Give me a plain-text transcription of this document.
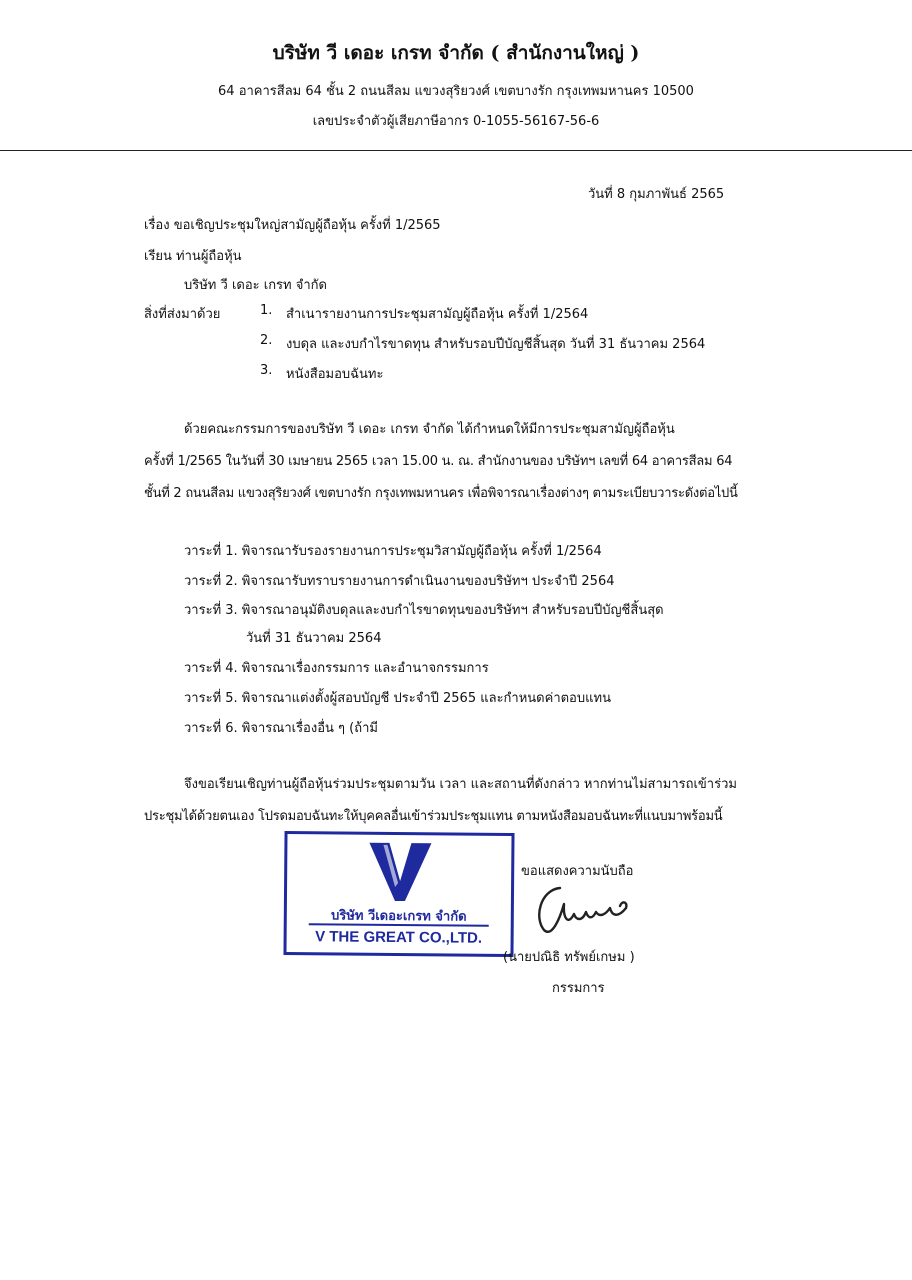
บริษัท วี เดอะ เกรท จำกัด ( สำนักงานใหญ่ )
64 อาคารสีลม 64 ชั้น 2 ถนนสีลม แขวงสุริยวงศ์ เขตบางรัก กรุงเทพมหานคร 10500
เลขประจำตัวผู้เสียภาษีอากร 0-1055-56167-56-6
วันที่ 8 กุมภาพันธ์ 2565
เรื่อง ขอเชิญประชุมใหญ่สามัญผู้ถือหุ้น ครั้งที่ 1/2565
เรียน ท่านผู้ถือหุ้น
บริษัท วี เดอะ เกรท จำกัด
สิ่งที่ส่งมาด้วย	1. สำเนารายงานการประชุมสามัญผู้ถือหุ้น ครั้งที่ 1/2564
2. งบดุล และงบกำไรขาดทุน สำหรับรอบปีบัญชีสิ้นสุด วันที่ 31 ธันวาคม 2564
3. หนังสือมอบฉันทะ
ด้วยคณะกรรมการของบริษัท วี เดอะ เกรท จำกัด ได้กำหนดให้มีการประชุมสามัญผู้ถือหุ้น
ครั้งที่ 1/2565 ในวันที่ 30 เมษายน 2565 เวลา 15.00 น. ณ. สำนักงานของ บริษัทฯ เลขที่ 64 อาคารสีลม 64
ชั้นที่ 2 ถนนสีลม แขวงสุริยวงศ์ เขตบางรัก กรุงเทพมหานคร เพื่อพิจารณาเรื่องต่างๆ ตามระเบียบวาระดังต่อไปนี้
วาระที่ 1. พิจารณารับรองรายงานการประชุมวิสามัญผู้ถือหุ้น ครั้งที่ 1/2564
วาระที่ 2. พิจารณารับทราบรายงานการดำเนินงานของบริษัทฯ ประจำปี 2564
วาระที่ 3. พิจารณาอนุมัติงบดุลและงบกำไรขาดทุนของบริษัทฯ สำหรับรอบปีบัญชีสิ้นสุด
วันที่ 31 ธันวาคม 2564
วาระที่ 4. พิจารณาเรื่องกรรมการ และอำนาจกรรมการ
วาระที่ 5. พิจารณาแต่งตั้งผู้สอบบัญชี ประจำปี 2565 และกำหนดค่าตอบแทน
วาระที่ 6. พิจารณาเรื่องอื่น ๆ (ถ้ามี
จึงขอเรียนเชิญท่านผู้ถือหุ้นร่วมประชุมตามวัน เวลา และสถานที่ดังกล่าว หากท่านไม่สามารถเข้าร่วม
ประชุมได้ด้วยตนเอง โปรดมอบฉันทะให้บุคคลอื่นเข้าร่วมประชุมแทน ตามหนังสือมอบฉันทะที่แนบมาพร้อมนี้
V
บริษัท วีเดอะเกรท จำกัด
V THE GREAT CO.,LTD.
ขอแสดงความนับถือ
(นายปณิธิ ทรัพย์เกษม )
กรรมการ
